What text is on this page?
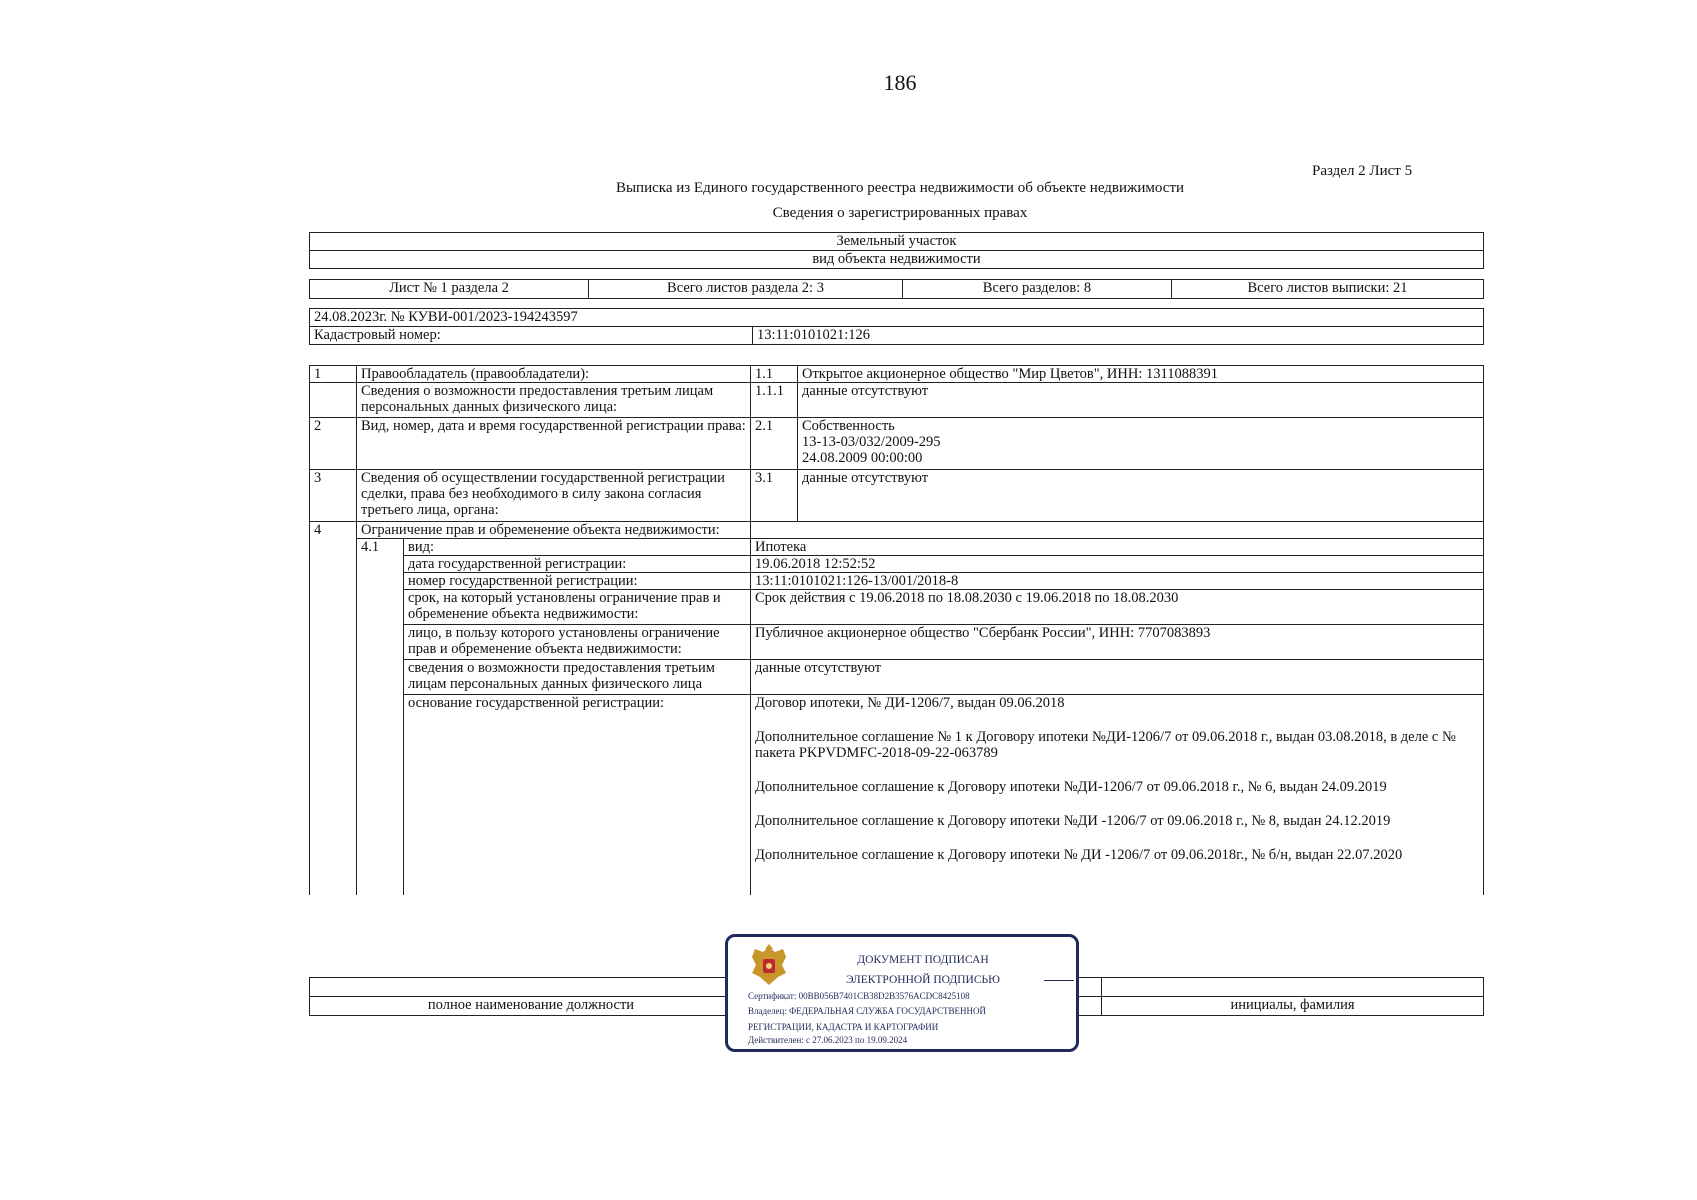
186
Раздел 2 Лист 5
Выписка из Единого государственного реестра недвижимости об объекте недвижимости
Сведения о зарегистрированных правах
Земельный участок
вид объекта недвижимости
Лист № 1 раздела 2	Всего листов раздела 2: 3	Всего разделов: 8	Всего листов выписки: 21
24.08.2023г. № КУВИ-001/2023-194243597
Кадастровый номер:	13:11:0101021:126
1	Правообладатель (правообладатели):		1.1	Открытое акционерное общество "Мир Цветов", ИНН: 1311088391
	Сведения о возможности предоставления третьим лицам персональных данных физического лица:		1.1.1	данные отсутствуют
2	Вид, номер, дата и время государственной регистрации права:		2.1	Собственность
13-13-03/032/2009-295
24.08.2009 00:00:00

3	Сведения об осуществлении государственной регистрации сделки, права без необходимого в силу закона согласия третьего лица, органа:		3.1	данные отсутствуют
4	Ограничение прав и обременение объекта недвижимости:			
	4.1	вид:	Ипотека	
		дата государственной регистрации:	19.06.2018 12:52:52	
		номер государственной регистрации:	13:11:0101021:126-13/001/2018-8	
		срок, на который установлены ограничение прав и обременение объекта недвижимости:	Срок действия с 19.06.2018 по 18.08.2030 с 19.06.2018 по 18.08.2030	
		лицо, в пользу которого установлены ограничение прав и обременение объекта недвижимости:	Публичное акционерное общество "Сбербанк России", ИНН: 7707083893	
		сведения о возможности предоставления третьим лицам персональных данных физического лица	данные отсутствуют	
		основание государственной регистрации:	Договор ипотеки, № ДИ-1206/7, выдан 09.06.2018
Дополнительное соглашение № 1 к Договору ипотеки №ДИ-1206/7 от 09.06.2018 г., выдан 03.08.2018, в деле с № пакета PKPVDMFC-2018-09-22-063789
Дополнительное соглашение к Договору ипотеки №ДИ-1206/7 от 09.06.2018 г., № 6, выдан 24.09.2019
Дополнительное соглашение к Договору ипотеки №ДИ -1206/7 от 09.06.2018 г., № 8, выдан 24.12.2019
Дополнительное соглашение к Договору ипотеки № ДИ -1206/7 от 09.06.2018г., № б/н, выдан 22.07.2020	

полное наименование должности		инициалы, фамилия
ДОКУМЕНТ ПОДПИСАН
ЭЛЕКТРОННОЙ ПОДПИСЬЮ
Сертификат: 00BB056B7401CB38D2B3576ACDC8425108
Владелец: ФЕДЕРАЛЬНАЯ СЛУЖБА ГОСУДАРСТВЕННОЙ
РЕГИСТРАЦИИ, КАДАСТРА И КАРТОГРАФИИ
Действителен: с 27.06.2023 по 19.09.2024
